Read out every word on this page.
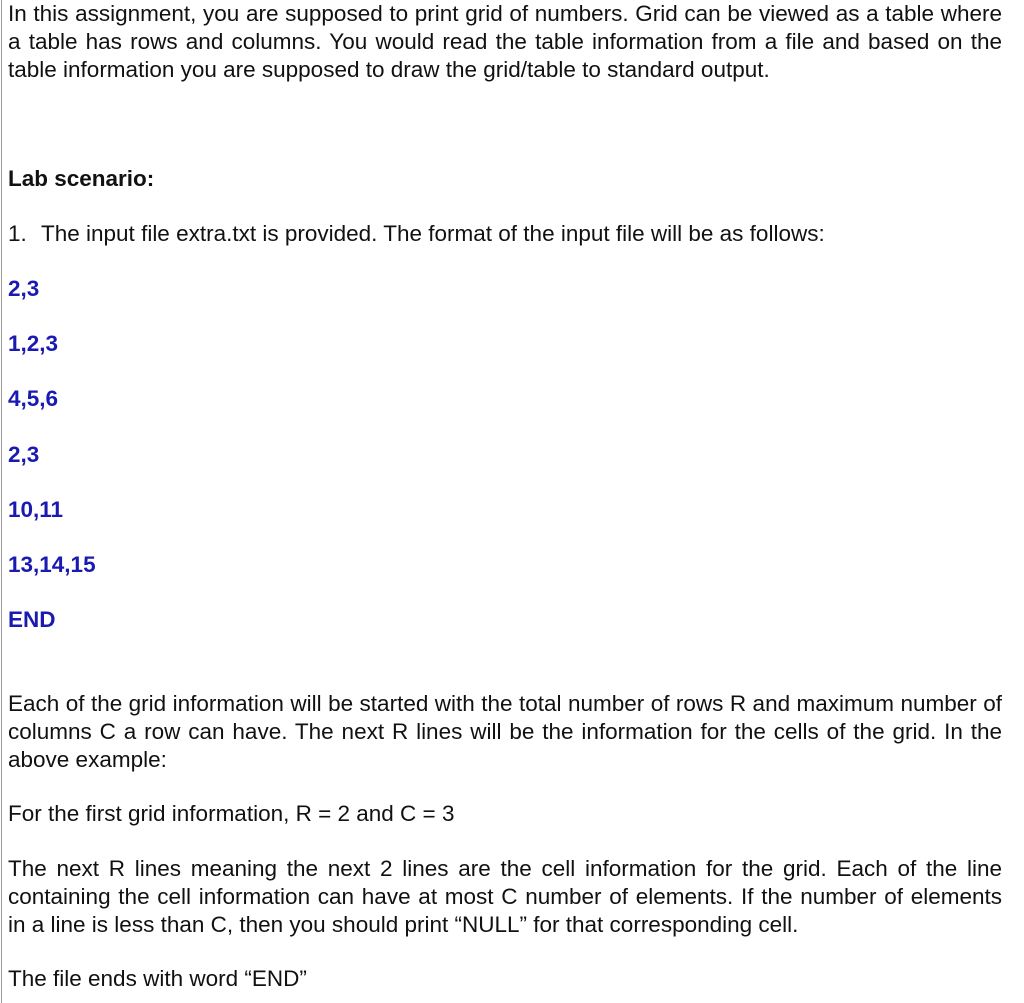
In this assignment, you are supposed to print grid of numbers. Grid can be viewed as a table where a table has rows and columns. You would read the table information from a file and based on the table information you are supposed to draw the grid/table to standard output.

Lab scenario:

1. The input file extra.txt is provided. The format of the input file will be as follows:

2,3

1,2,3

4,5,6

2,3

10,11

13,14,15

END

Each of the grid information will be started with the total number of rows R and maximum number of columns C a row can have. The next R lines will be the information for the cells of the grid. In the above example:

For the first grid information, R = 2 and C = 3

The next R lines meaning the next 2 lines are the cell information for the grid. Each of the line containing the cell information can have at most C number of elements. If the number of elements in a line is less than C, then you should print “NULL” for that corresponding cell.

The file ends with word “END”
